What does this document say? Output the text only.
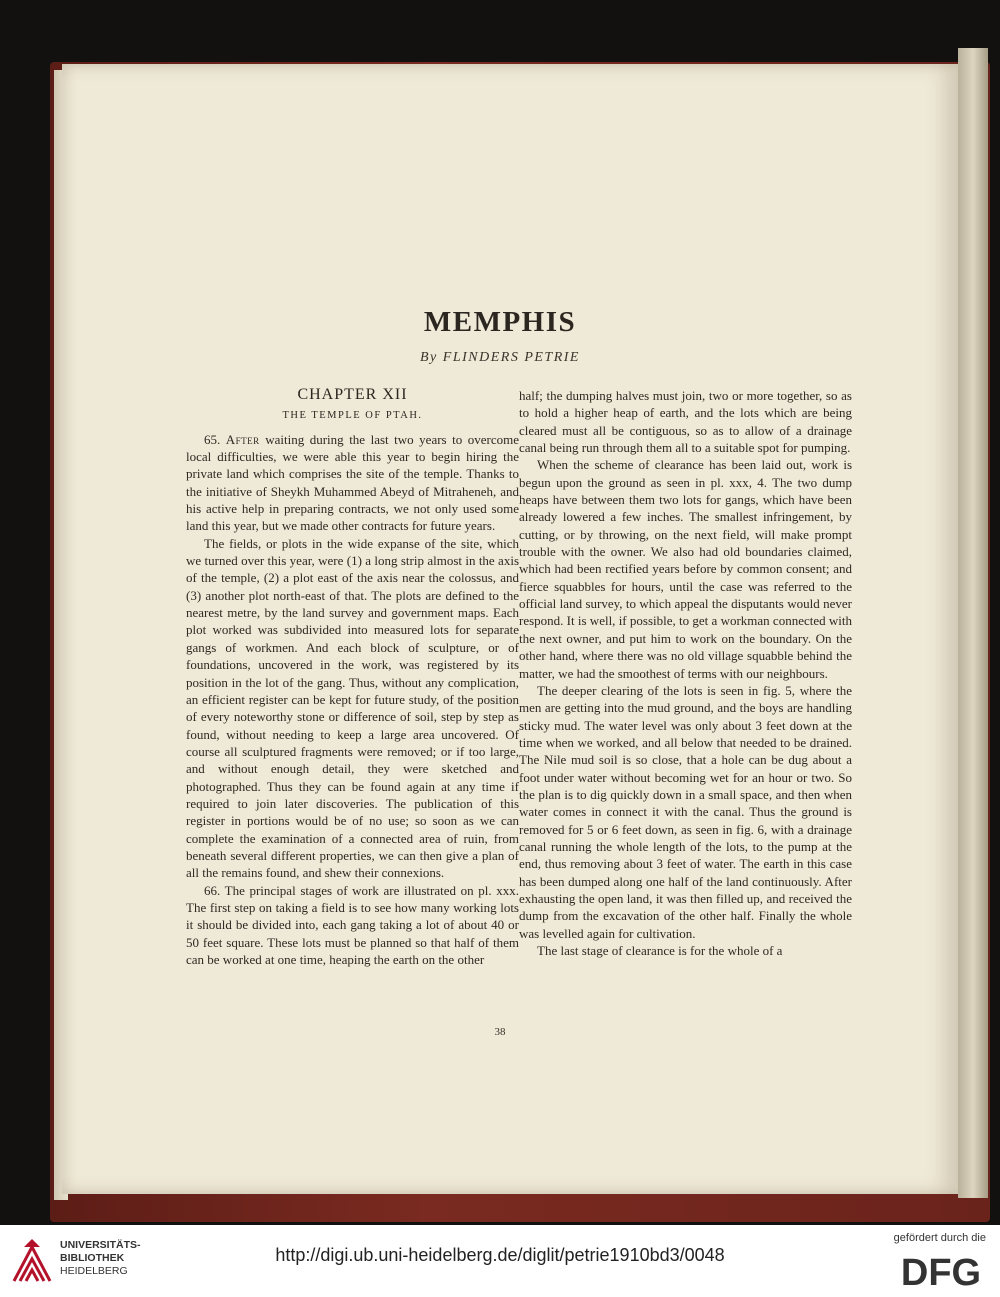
MEMPHIS

By FLINDERS PETRIE

CHAPTER XII
THE TEMPLE OF PTAH.

65. After waiting during the last two years to overcome local difficulties, we were able this year to begin hiring the private land which comprises the site of the temple. Thanks to the initiative of Sheykh Muhammed Abeyd of Mitraheneh, and his active help in preparing contracts, we not only used some land this year, but we made other contracts for future years.

The fields, or plots in the wide expanse of the site, which we turned over this year, were (1) a long strip almost in the axis of the temple, (2) a plot east of the axis near the colossus, and (3) another plot north-east of that. The plots are defined to the nearest metre, by the land survey and government maps. Each plot worked was subdivided into measured lots for separate gangs of workmen. And each block of sculpture, or of foundations, uncovered in the work, was registered by its position in the lot of the gang. Thus, without any complication, an efficient register can be kept for future study, of the position of every noteworthy stone or difference of soil, step by step as found, without needing to keep a large area uncovered. Of course all sculptured fragments were removed; or if too large, and without enough detail, they were sketched and photographed. Thus they can be found again at any time if required to join later discoveries. The publication of this register in portions would be of no use; so soon as we can complete the examination of a connected area of ruin, from beneath several different properties, we can then give a plan of all the remains found, and shew their connexions.

66. The principal stages of work are illustrated on pl. xxx. The first step on taking a field is to see how many working lots it should be divided into, each gang taking a lot of about 40 or 50 feet square. These lots must be planned so that half of them can be worked at one time, heaping the earth on the other

half; the dumping halves must join, two or more together, so as to hold a higher heap of earth, and the lots which are being cleared must all be contiguous, so as to allow of a drainage canal being run through them all to a suitable spot for pumping.

When the scheme of clearance has been laid out, work is begun upon the ground as seen in pl. xxx, 4. The two dump heaps have between them two lots for gangs, which have been already lowered a few inches. The smallest infringement, by cutting, or by throwing, on the next field, will make prompt trouble with the owner. We also had old boundaries claimed, which had been rectified years before by common consent; and fierce squabbles for hours, until the case was referred to the official land survey, to which appeal the disputants would never respond. It is well, if possible, to get a workman connected with the next owner, and put him to work on the boundary. On the other hand, where there was no old village squabble behind the matter, we had the smoothest of terms with our neighbours.

The deeper clearing of the lots is seen in fig. 5, where the men are getting into the mud ground, and the boys are handling sticky mud. The water level was only about 3 feet down at the time when we worked, and all below that needed to be drained. The Nile mud soil is so close, that a hole can be dug about a foot under water without becoming wet for an hour or two. So the plan is to dig quickly down in a small space, and then when water comes in connect it with the canal. Thus the ground is removed for 5 or 6 feet down, as seen in fig. 6, with a drainage canal running the whole length of the lots, to the pump at the end, thus removing about 3 feet of water. The earth in this case has been dumped along one half of the land continuously. After exhausting the open land, it was then filled up, and received the dump from the excavation of the other half. Finally the whole was levelled again for cultivation.

The last stage of clearance is for the whole of a

38
UNIVERSITÄTS-
BIBLIOTHEK
HEIDELBERG
http://digi.ub.uni-heidelberg.de/diglit/petrie1910bd3/0048
gefördert durch die
DFG
